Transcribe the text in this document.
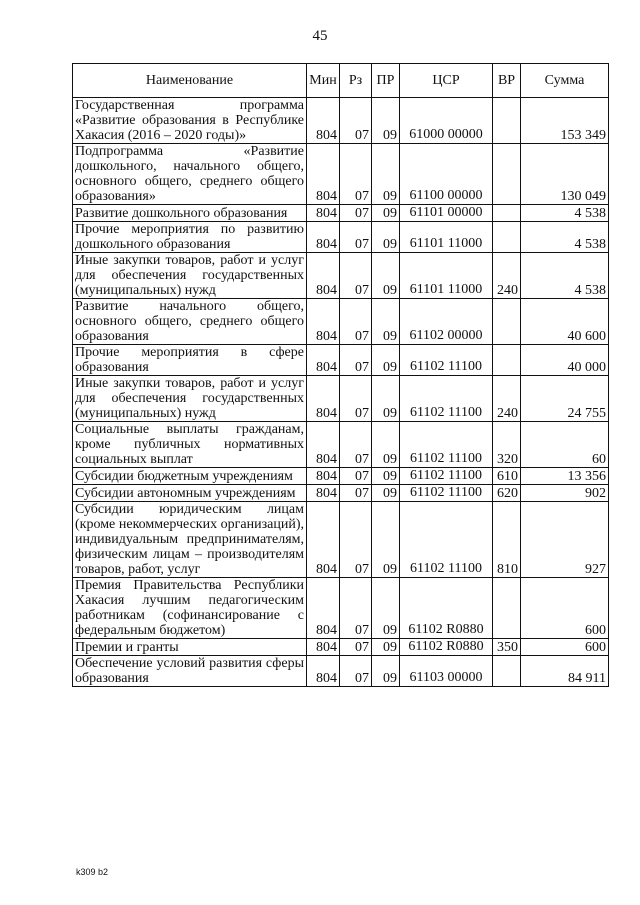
45
Наименование	Мин	Рз	ПР	ЦСР	ВР	Сумма
Государственная программа «Развитие образования в Республике Хакасия (2016 – 2020 годы)»	804	07	09	61000 00000		153 349
Подпрограмма «Развитие дошкольного, начального общего, основного общего, среднего общего образования»	804	07	09	61100 00000		130 049
Развитие дошкольного образования	804	07	09	61101 00000		4 538
Прочие мероприятия по развитию дошкольного образования	804	07	09	61101 11000		4 538
Иные закупки товаров, работ и услуг для обеспечения государственных (муниципальных) нужд	804	07	09	61101 11000	240	4 538
Развитие начального общего, основного общего, среднего общего образования	804	07	09	61102 00000		40 600
Прочие мероприятия в сфере образования	804	07	09	61102 11100		40 000
Иные закупки товаров, работ и услуг для обеспечения государственных (муниципальных) нужд	804	07	09	61102 11100	240	24 755
Социальные выплаты гражданам, кроме публичных нормативных социальных выплат	804	07	09	61102 11100	320	60
Субсидии бюджетным учреждениям	804	07	09	61102 11100	610	13 356
Субсидии автономным учреждениям	804	07	09	61102 11100	620	902
Субсидии юридическим лицам (кроме некоммерческих организаций), индивидуальным предпринимателям, физическим лицам – производителям товаров, работ, услуг	804	07	09	61102 11100	810	927
Премия Правительства Республики Хакасия лучшим педагогическим работникам (софинансирование с федеральным бюджетом)	804	07	09	61102 R0880		600
Премии и гранты	804	07	09	61102 R0880	350	600
Обеспечение условий развития сферы образования	804	07	09	61103 00000		84 911
k309 b2
